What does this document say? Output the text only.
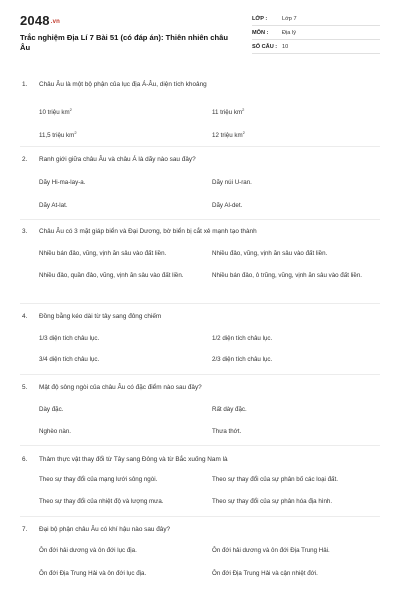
2048.vn
Trắc nghiệm Địa Lí 7 Bài 51 (có đáp án): Thiên nhiên châu Âu
LỚP :	Lớp 7
MÔN :	Địa lý
SỐ CÂU : 10
1. Châu Âu là một bộ phận của lục địa Á-Âu, diện tích khoảng
10 triệu $km^2$	11 triệu $km^2$
11,5 triệu $km^2$	12 triệu $km^2$
2. Ranh giới giữa châu Âu và châu Á là dãy nào sau đây?
Dãy Hi-ma-lay-a.	Dãy núi U-ran.
Dãy At-lat.	Dãy Al-det.
3. Châu Âu có 3 mặt giáp biển và Đại Dương, bờ biển bị cắt xẻ mạnh tạo thành
Nhiều bán đảo, vũng, vịnh ăn sâu vào đất liền.	Nhiều đảo, vũng, vịnh ăn sâu vào đất liền.
Nhiều đảo, quần đảo, vũng, vịnh ăn sâu vào đất liền.	Nhiều bán đảo, ô trũng, vũng, vịnh ăn sâu vào đất liền.
4. Đồng bằng kéo dài từ tây sang đông chiếm
1/3 diện tích châu lục.	1/2 diện tích châu lục.
3/4 diện tích châu lục.	2/3 diện tích châu lục.
5. Mật độ sông ngòi của châu Âu có đặc điểm nào sau đây?
Dày đặc.	Rất dày đặc.
Nghèo nàn.	Thưa thớt.
6. Thảm thực vật thay đổi từ Tây sang Đông và từ Bắc xuống Nam là
Theo sự thay đổi của mạng lưới sông ngòi.	Theo sự thay đổi của sự phân bố các loại đất.
Theo sự thay đổi của nhiệt độ và lượng mưa.	Theo sự thay đổi của sự phân hóa địa hình.
7. Đại bộ phận châu Âu có khí hậu nào sau đây?
Ôn đới hải dương và ôn đới lục địa.	Ôn đới hải dương và ôn đới Địa Trung Hải.
Ôn đới Địa Trung Hải và ôn đới lục địa.	Ôn đới Địa Trung Hải và cận nhiệt đới.
